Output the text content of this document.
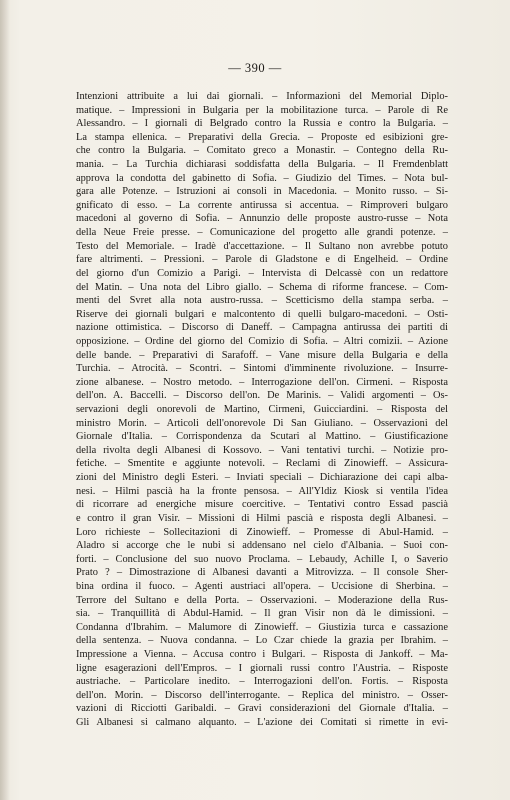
— 390 —
Intenzioni attribuite a lui dai giornali. – Informazioni del Memorial Diplo-
matique. – Impressioni in Bulgaria per la mobilitazione turca. – Parole di Re
Alessandro. – I giornali di Belgrado contro la Russia e contro la Bulgaria. –
La stampa ellenica. – Preparativi della Grecia. – Proposte ed esibizioni gre-
che contro la Bulgaria. – Comitato greco a Monastir. – Contegno della Ru-
mania. – La Turchia dichiarasi soddisfatta della Bulgaria. – Il Fremdenblatt
approva la condotta del gabinetto di Sofia. – Giudizio del Times. – Nota bul-
gara alle Potenze. – Istruzioni ai consoli in Macedonia. – Monito russo. – Si-
gnificato di esso. – La corrente antirussa si accentua. – Rimproveri bulgaro
macedoni al governo di Sofia. – Annunzio delle proposte austro-russe – Nota
della Neue Freie presse. – Comunicazione del progetto alle grandi potenze. –
Testo del Memoriale. – Iradè d'accettazione. – Il Sultano non avrebbe potuto
fare altrimenti. – Pressioni. – Parole di Gladstone e di Engelheid. – Ordine
del giorno d'un Comizio a Parigi. – Intervista di Delcassè con un redattore
del Matin. – Una nota del Libro giallo. – Schema di riforme francese. – Com-
menti del Svret alla nota austro-russa. – Scetticismo della stampa serba. –
Riserve dei giornali bulgari e malcontento di quelli bulgaro-macedoni. – Osti-
nazione ottimistica. – Discorso di Daneff. – Campagna antirussa dei partiti di
opposizione. – Ordine del giorno del Comizio di Sofia. – Altri comizii. – Azione
delle bande. – Preparativi di Sarafoff. – Vane misure della Bulgaria e della
Turchia. – Atrocità. – Scontri. – Sintomi d'imminente rivoluzione. – Insurre-
zione albanese. – Nostro metodo. – Interrogazione dell'on. Cirmeni. – Risposta
dell'on. A. Baccelli. – Discorso dell'on. De Marinis. – Validi argomenti – Os-
servazioni degli onorevoli de Martino, Cirmeni, Guicciardini. – Risposta del
ministro Morin. – Articoli dell'onorevole Di San Giuliano. – Osservazioni del
Giornale d'Italia. – Corrispondenza da Scutari al Mattino. – Giustificazione
della rivolta degli Albanesi di Kossovo. – Vani tentativi turchi. – Notizie pro-
fetiche. – Smentite e aggiunte notevoli. – Reclami di Zinowieff. – Assicura-
zioni del Ministro degli Esteri. – Inviati speciali – Dichiarazione dei capi alba-
nesi. – Hilmi pascià ha la fronte pensosa. – All'Yldiz Kiosk si ventila l'idea
di ricorrare ad energiche misure coercitive. – Tentativi contro Essad pascià
e contro il gran Visir. – Missioni di Hilmi pascià e risposta degli Albanesi. –
Loro richieste – Sollecitazioni di Zinowieff. – Promesse di Abul-Hamid. –
Aladro si accorge che le nubi si addensano nel cielo d'Albania. – Suoi con-
forti. – Conclusione del suo nuovo Proclama. – Lebaudy, Achille I, o Saverio
Prato ? – Dimostrazione di Albanesi davanti a Mitrovizza. – Il console Sher-
bina ordina il fuoco. – Agenti austriaci all'opera. – Uccisione di Sherbina. –
Terrore del Sultano e della Porta. – Osservazioni. – Moderazione della Rus-
sia. – Tranquillità di Abdul-Hamid. – Il gran Visir non dà le dimissioni. –
Condanna d'Ibrahim. – Malumore di Zinowieff. – Giustizia turca e cassazione
della sentenza. – Nuova condanna. – Lo Czar chiede la grazia per Ibrahim. –
Impressione a Vienna. – Accusa contro i Bulgari. – Risposta di Jankoff. – Ma-
ligne esagerazioni dell'Empros. – I giornali russi contro l'Austria. – Risposte
austriache. – Particolare inedito. – Interrogazioni dell'on. Fortis. – Risposta
dell'on. Morin. – Discorso dell'interrogante. – Replica del ministro. – Osser-
vazioni di Ricciotti Garibaldi. – Gravi considerazioni del Giornale d'Italia. –
Gli Albanesi si calmano alquanto. – L'azione dei Comitati si rimette in evi-
